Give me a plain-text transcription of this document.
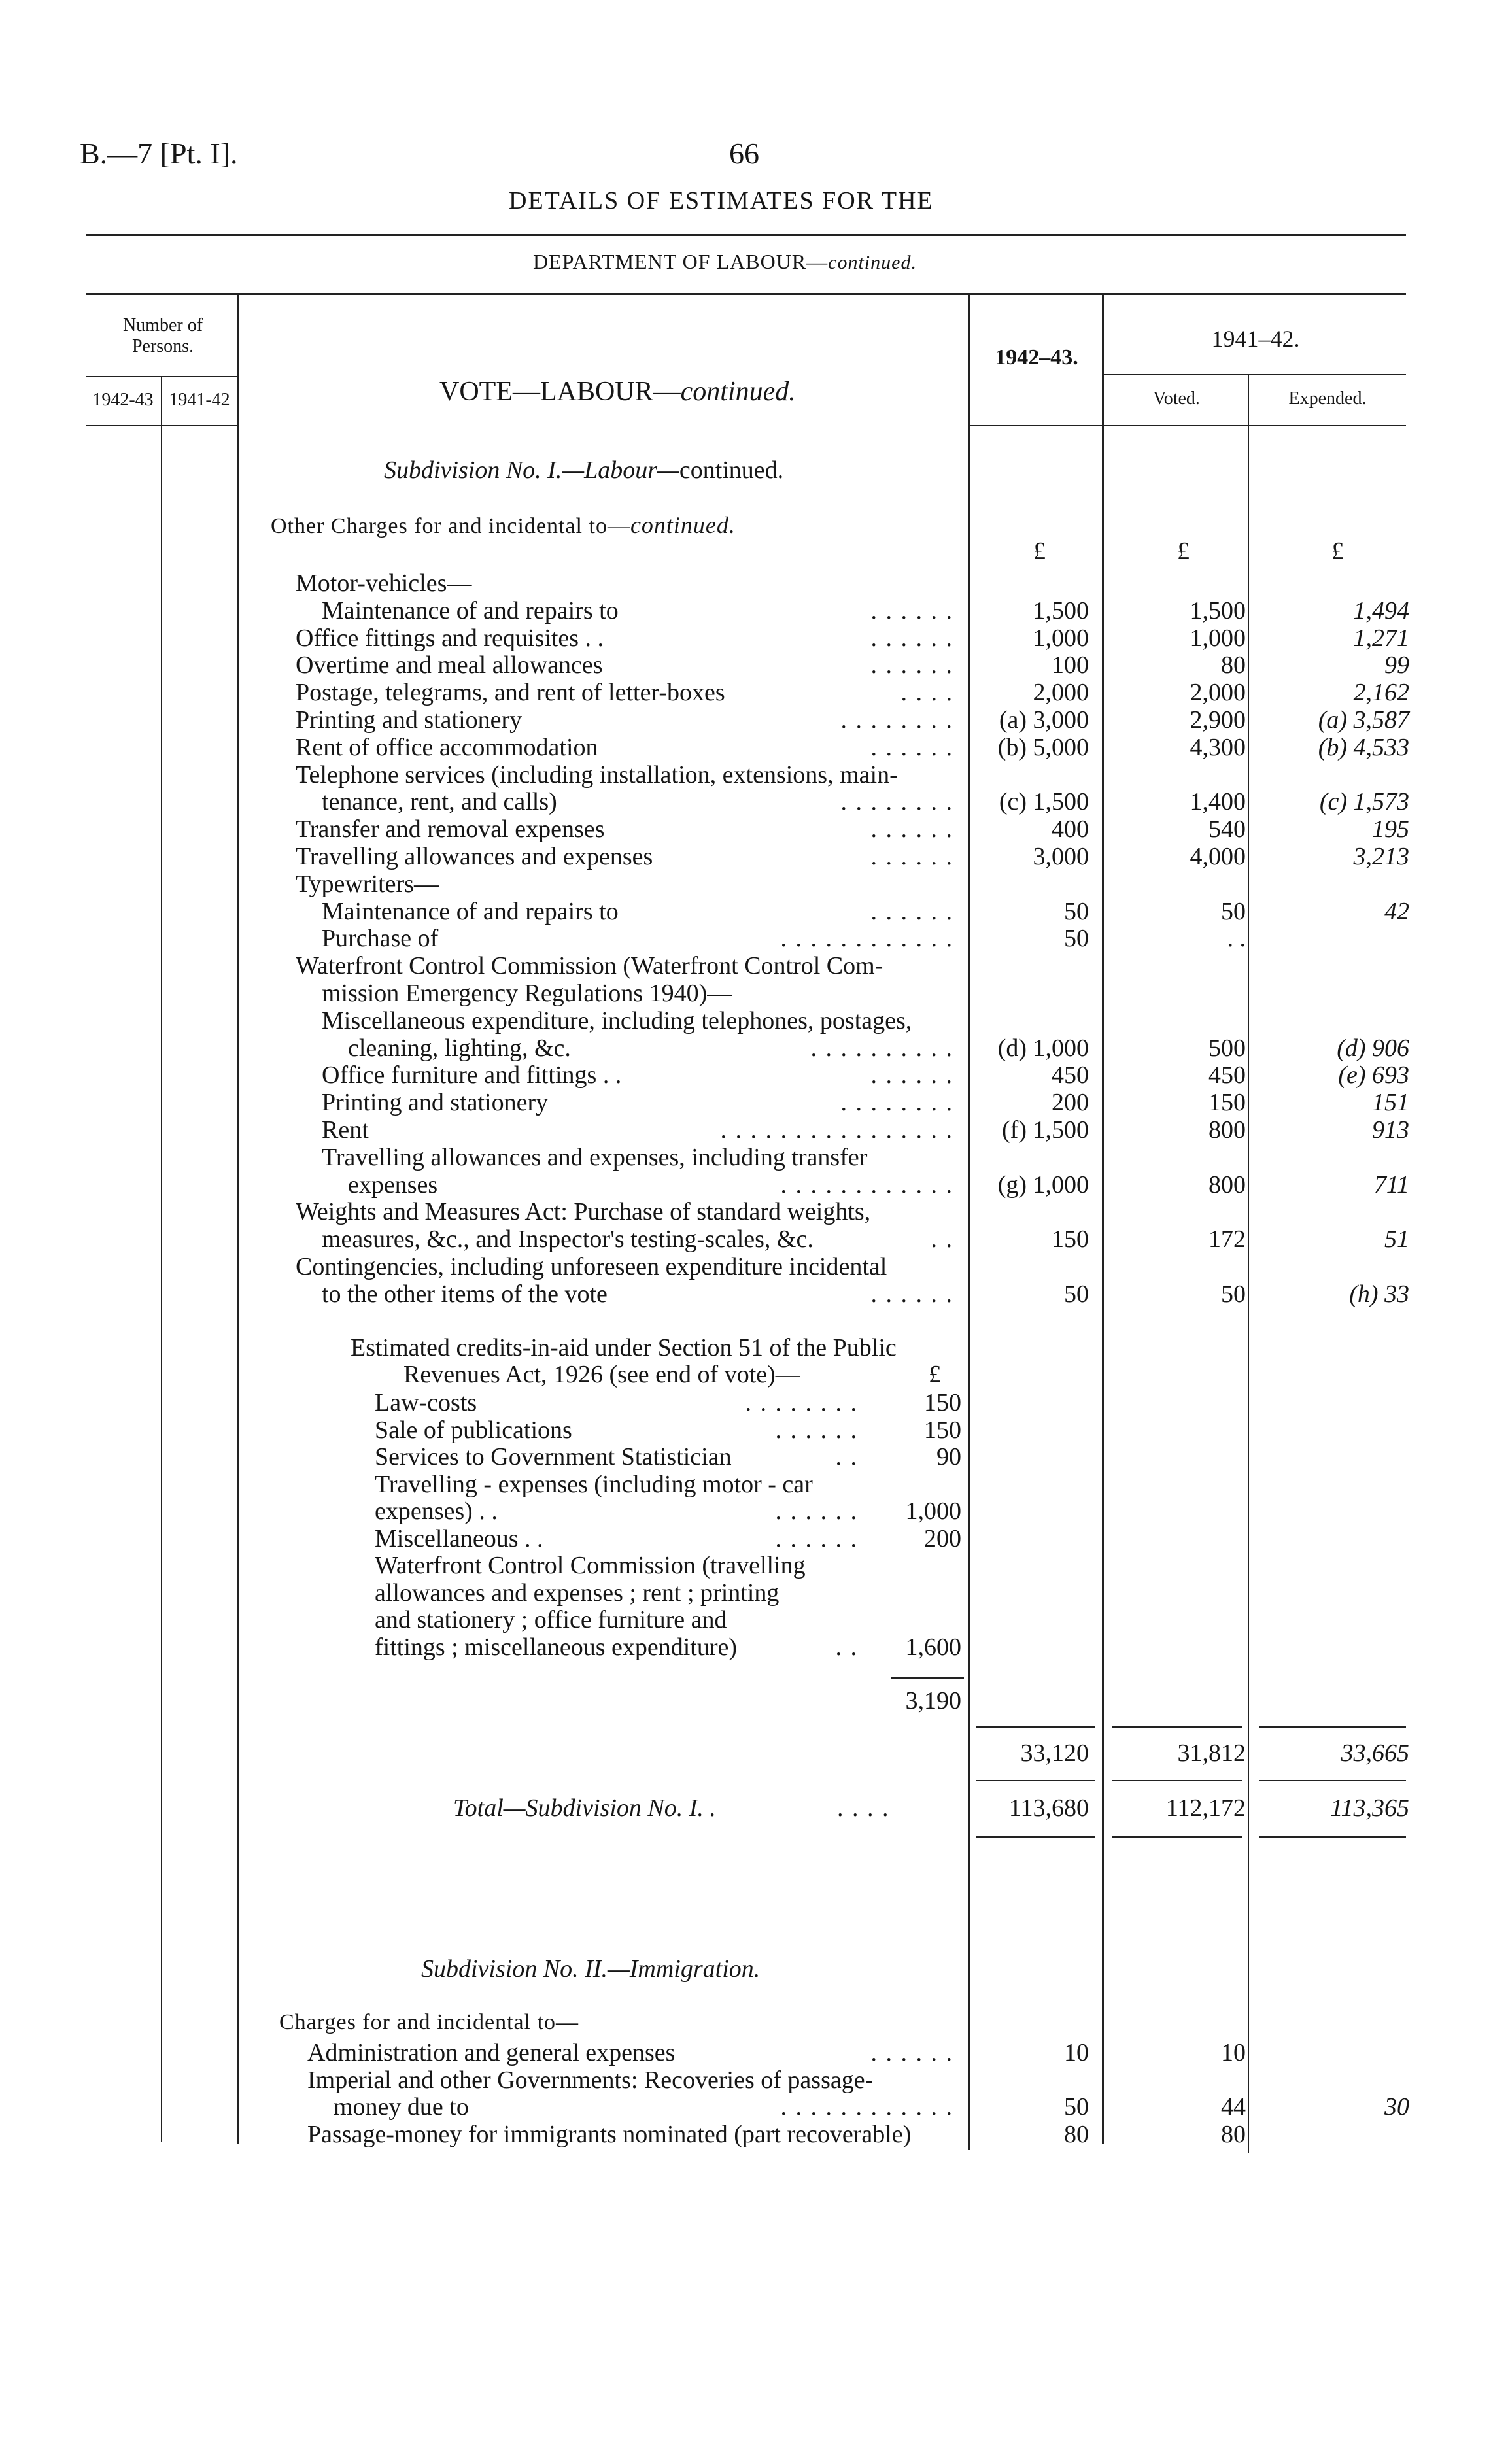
B.—7 [Pt. I].	66
DETAILS OF ESTIMATES FOR THE
DEPARTMENT OF LABOUR—continued.
Number of Persons.
1942-43 1941-42	VOTE—LABOUR—continued.
1942–43.
1941–42.
Voted.	Expended.
Subdivision No. I.—Labour—continued.
Other Charges for and incidental to—continued.
£	£	£
Motor-vehicles—
Maintenance of and repairs to	. . . . . .	1,500	1,500	1,494
Office fittings and requisites . .	. . . . . .	1,000	1,000	1,271
Overtime and meal allowances	. . . . . .	100	80	99
Postage, telegrams, and rent of letter-boxes	. . . .	2,000	2,000	2,162
Printing and stationery	. . . . . . . .	(a) 3,000	2,900	(a) 3,587
Rent of office accommodation	. . . . . .	(b) 5,000	4,300	(b) 4,533
Telephone services (including installation, extensions, main-
tenance, rent, and calls)	. . . . . . . .	(c) 1,500	1,400	(c) 1,573
Transfer and removal expenses	. . . . . .	400	540	195
Travelling allowances and expenses	. . . . . .	3,000	4,000	3,213
Typewriters—
Maintenance of and repairs to	. . . . . .	50	50	42
Purchase of	. . . . . . . . . . . .	50	. .
Waterfront Control Commission (Waterfront Control Com-
mission Emergency Regulations 1940)—
Miscellaneous expenditure, including telephones, postages,
cleaning, lighting, &c.	. . . . . . . . . .	(d) 1,000	500	(d) 906
Office furniture and fittings . .	. . . . . .	450	450	(e) 693
Printing and stationery	. . . . . . . .	200	150	151
Rent	. . . . . . . . . . . . . . . .	(f) 1,500	800	913
Travelling allowances and expenses, including transfer
expenses	. . . . . . . . . . . .	(g) 1,000	800	711
Weights and Measures Act: Purchase of standard weights,
measures, &c., and Inspector's testing-scales, &c.	. .	150	172	51
Contingencies, including unforeseen expenditure incidental
to the other items of the vote	. . . . . .	50	50	(h) 33
Estimated credits-in-aid under Section 51 of the Public
Revenues Act, 1926 (see end of vote)—	£
Law-costs	. . . . . . . .	150
Sale of publications	. . . . . .	150
Services to Government Statistician	. .	90
Travelling - expenses (including motor - car
expenses) . .	. . . . . .	1,000
Miscellaneous . .	. . . . . .	200
Waterfront Control Commission (travelling
allowances and expenses ; rent ; printing
and stationery ; office furniture and
fittings ; miscellaneous expenditure)	. .	1,600
3,190
33,120	31,812	33,665
Total—Subdivision No. I. .	. . . .	113,680	112,172	113,365
Subdivision No. II.—Immigration.
Charges for and incidental to—
Administration and general expenses	. . . . . .	10	10
Imperial and other Governments: Recoveries of passage-
money due to	. . . . . . . . . . . .	50	44	30
Passage-money for immigrants nominated (part recoverable)	80	80
